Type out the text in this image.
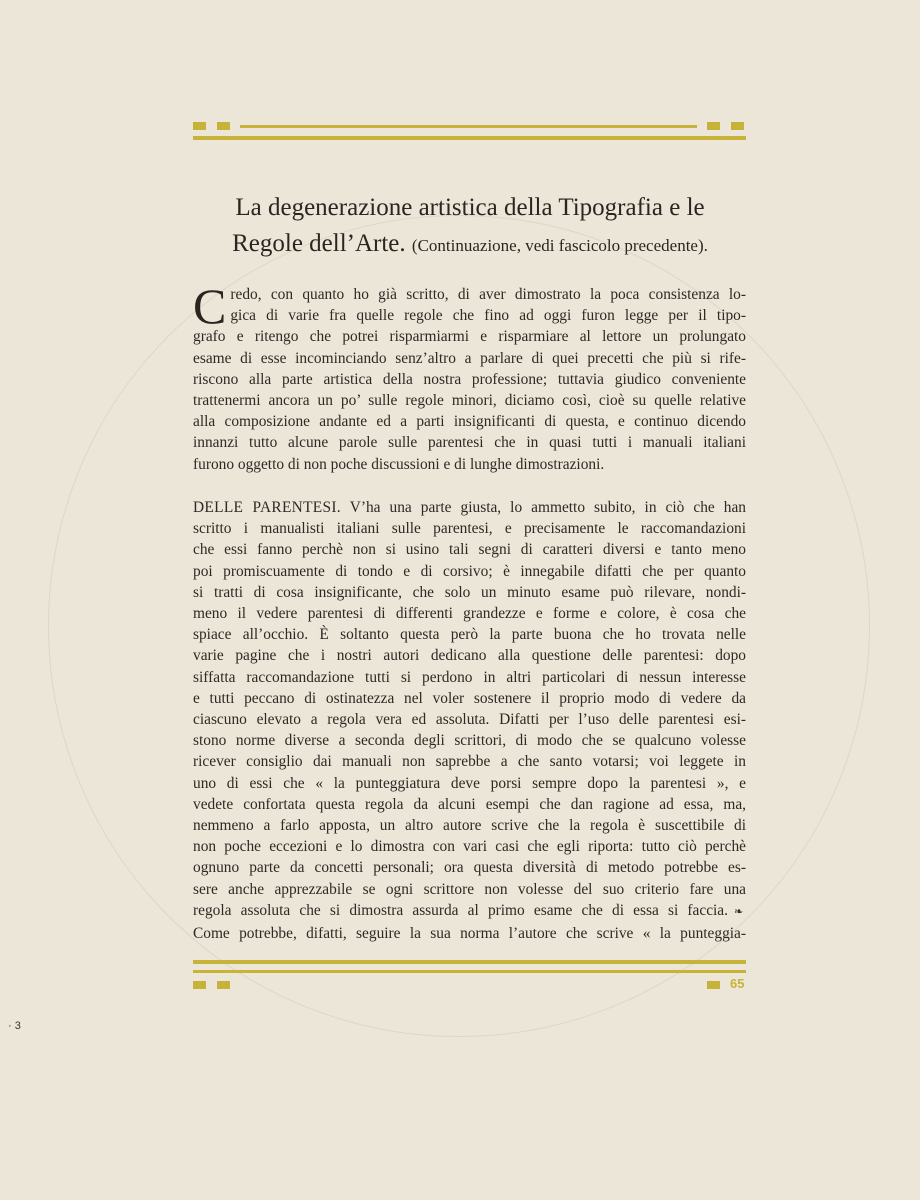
La degenerazione artistica della Tipografia e le
Regole dell’Arte. (Continuazione, vedi fascicolo precedente).
C redo, con quanto ho già scritto, di aver dimostrato la poca consistenza lo-
gica di varie fra quelle regole che fino ad oggi furon legge per il tipo-
grafo e ritengo che potrei risparmiarmi e risparmiare al lettore un prolungato
esame di esse incominciando senz’altro a parlare di quei precetti che più si rife-
riscono alla parte artistica della nostra professione; tuttavia giudico conveniente
trattenermi ancora un po’ sulle regole minori, diciamo così, cioè su quelle relative
alla composizione andante ed a parti insignificanti di questa, e continuo dicendo
innanzi tutto alcune parole sulle parentesi che in quasi tutti i manuali italiani
furono oggetto di non poche discussioni e di lunghe dimostrazioni.
DELLE PARENTESI. V’ha una parte giusta, lo ammetto subito, in ciò che han
scritto i manualisti italiani sulle parentesi, e precisamente le raccomandazioni
che essi fanno perchè non si usino tali segni di caratteri diversi e tanto meno
poi promiscuamente di tondo e di corsivo; è innegabile difatti che per quanto
si tratti di cosa insignificante, che solo un minuto esame può rilevare, nondi-
meno il vedere parentesi di differenti grandezze e forme e colore, è cosa che
spiace all’occhio. È soltanto questa però la parte buona che ho trovata nelle
varie pagine che i nostri autori dedicano alla questione delle parentesi: dopo
siffatta raccomandazione tutti si perdono in altri particolari di nessun interesse
e tutti peccano di ostinatezza nel voler sostenere il proprio modo di vedere da
ciascuno elevato a regola vera ed assoluta. Difatti per l’uso delle parentesi esi-
stono norme diverse a seconda degli scrittori, di modo che se qualcuno volesse
ricever consiglio dai manuali non saprebbe a che santo votarsi; voi leggete in
uno di essi che « la punteggiatura deve porsi sempre dopo la parentesi », e
vedete confortata questa regola da alcuni esempi che dan ragione ad essa, ma,
nemmeno a farlo apposta, un altro autore scrive che la regola è suscettibile di
non poche eccezioni e lo dimostra con vari casi che egli riporta: tutto ciò perchè
ognuno parte da concetti personali; ora questa diversità di metodo potrebbe es-
sere anche apprezzabile se ogni scrittore non volesse del suo criterio fare una
regola assoluta che si dimostra assurda al primo esame che di essa si faccia. ❧
Come potrebbe, difatti, seguire la sua norma l’autore che scrive « la punteggia-
65
· 3
